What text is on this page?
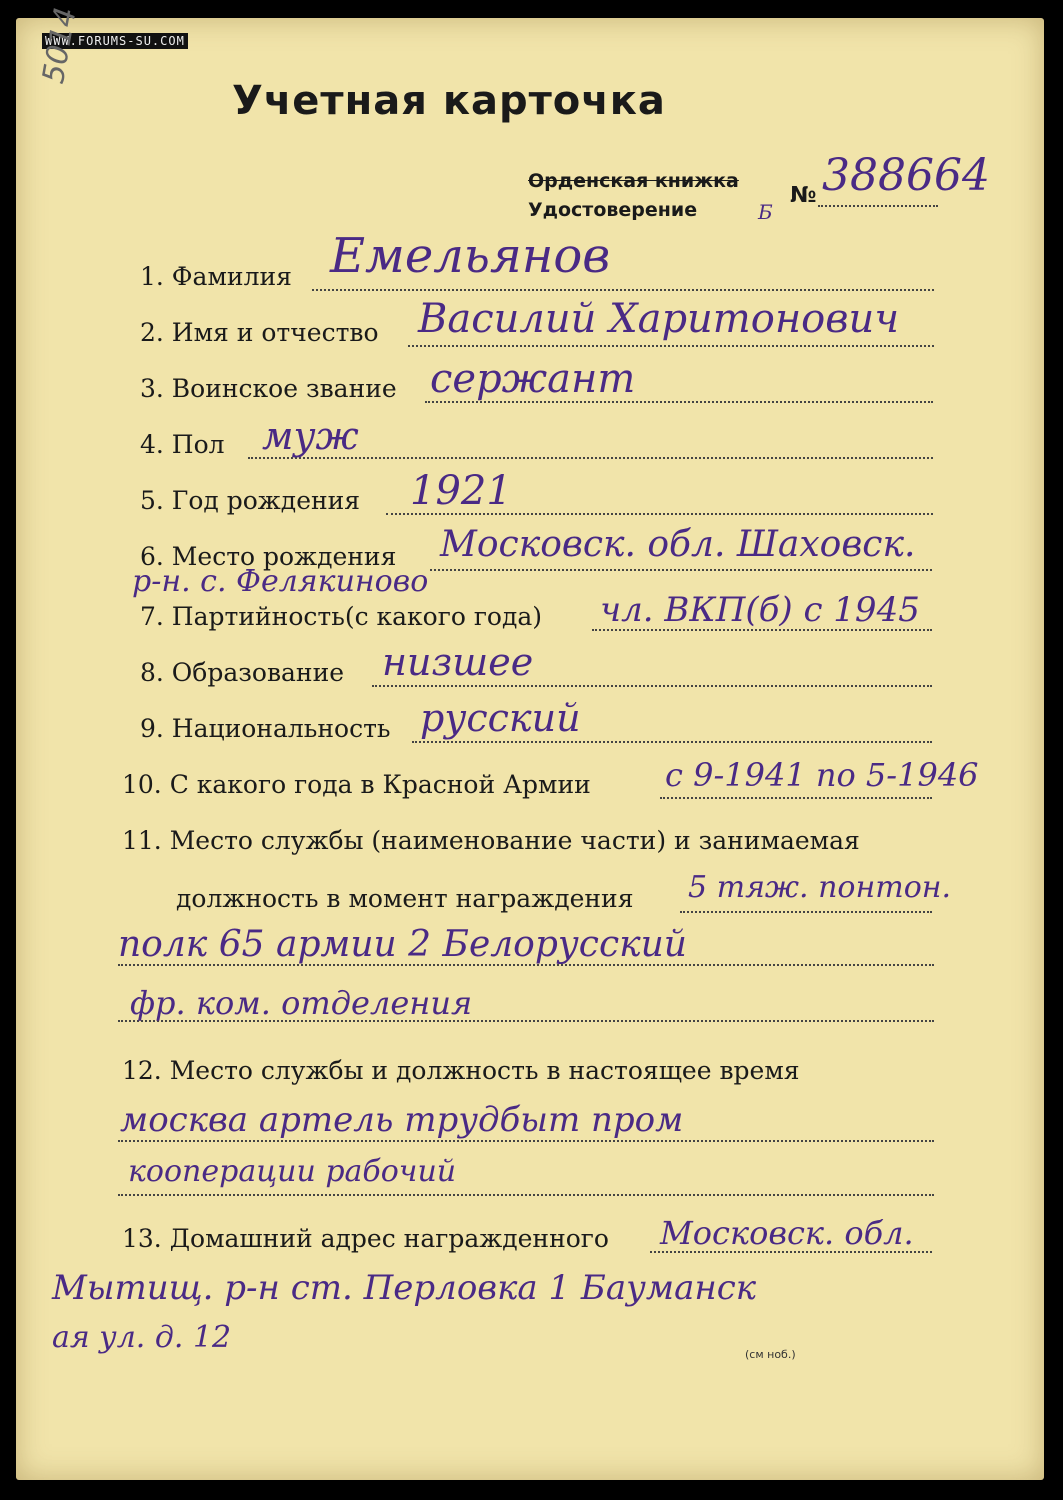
WWW.FORUMS-SU.COM
5014
Учетная карточка
Орденская книжка
Удостоверение
№ 388664
Б
1. Фамилия Емельянов
2. Имя и отчество Василий Харитонович
3. Воинское звание сержант
4. Пол муж
5. Год рождения 1921
6. Место рождения Московск. обл. Шаховск.
р-н. с. Фелякиново
7. Партийность(с какого года) чл. ВКП(б) с 1945
8. Образование низшее
9. Национальность русский
10. С какого года в Красной Армии с 9-1941 по 5-1946
11. Место службы (наименование части) и занимаемая
должность в момент награждения 5 тяж. понтон.
полк 65 армии 2 Белорусский
фр. ком. отделения
12. Место службы и должность в настоящее время
москва артель трудбыт пром
кооперации рабочий
13. Домашний адрес награжденного Московск. обл.
Мытищ. р-н ст. Перловка 1 Бауманск
ая ул. д. 12	(см ноб.)
